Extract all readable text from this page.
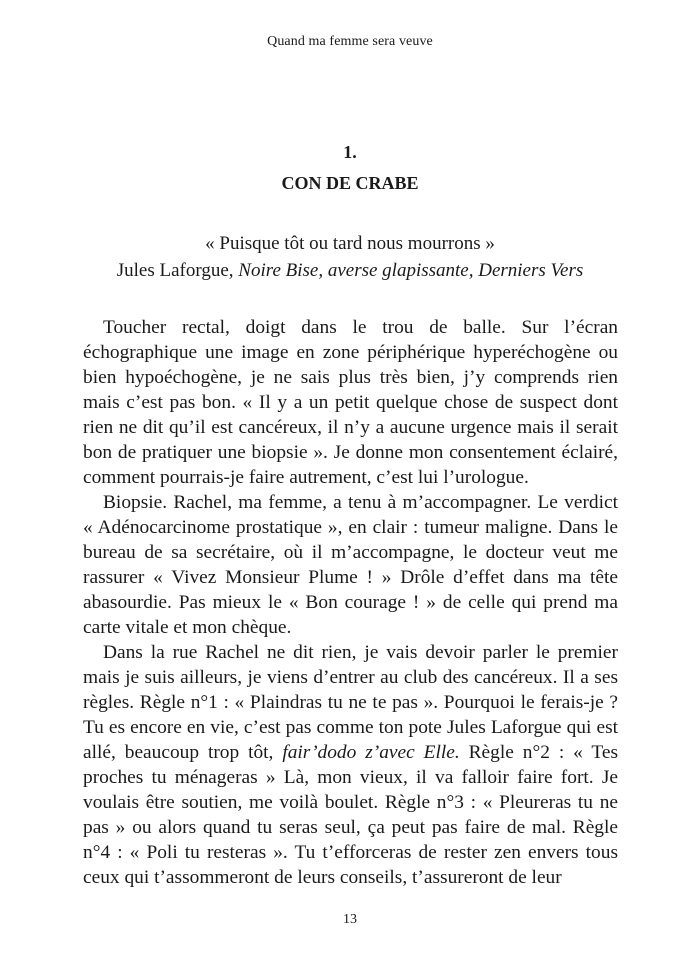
Quand ma femme sera veuve
1.
CON DE CRABE
« Puisque tôt ou tard nous mourrons »
Jules Laforgue, Noire Bise, averse glapissante, Derniers Vers

Toucher rectal, doigt dans le trou de balle. Sur l’écran échographique une image en zone périphérique hyperéchogène ou bien hypoéchogène, je ne sais plus très bien, j’y comprends rien mais c’est pas bon. « Il y a un petit quelque chose de suspect dont rien ne dit qu’il est cancéreux, il n’y a aucune urgence mais il serait bon de pratiquer une biopsie ». Je donne mon consentement éclairé, comment pourrais-je faire autrement, c’est lui l’urologue.

Biopsie. Rachel, ma femme, a tenu à m’accompagner. Le verdict « Adénocarcinome prostatique », en clair : tumeur maligne. Dans le bureau de sa secrétaire, où il m’accompagne, le docteur veut me rassurer « Vivez Monsieur Plume ! » Drôle d’effet dans ma tête abasourdie. Pas mieux le « Bon courage ! » de celle qui prend ma carte vitale et mon chèque.

Dans la rue Rachel ne dit rien, je vais devoir parler le premier mais je suis ailleurs, je viens d’entrer au club des cancéreux. Il a ses règles. Règle n°1 : « Plaindras tu ne te pas ». Pourquoi le ferais-je ? Tu es encore en vie, c’est pas comme ton pote Jules Laforgue qui est allé, beaucoup trop tôt, fair’dodo z’avec Elle. Règle n°2 : « Tes proches tu ménageras » Là, mon vieux, il va falloir faire fort. Je voulais être soutien, me voilà boulet. Règle n°3 : « Pleureras tu ne pas » ou alors quand tu seras seul, ça peut pas faire de mal. Règle n°4 : « Poli tu resteras ». Tu t’efforceras de rester zen envers tous ceux qui t’assommeront de leurs conseils, t’assureront de leur

13
